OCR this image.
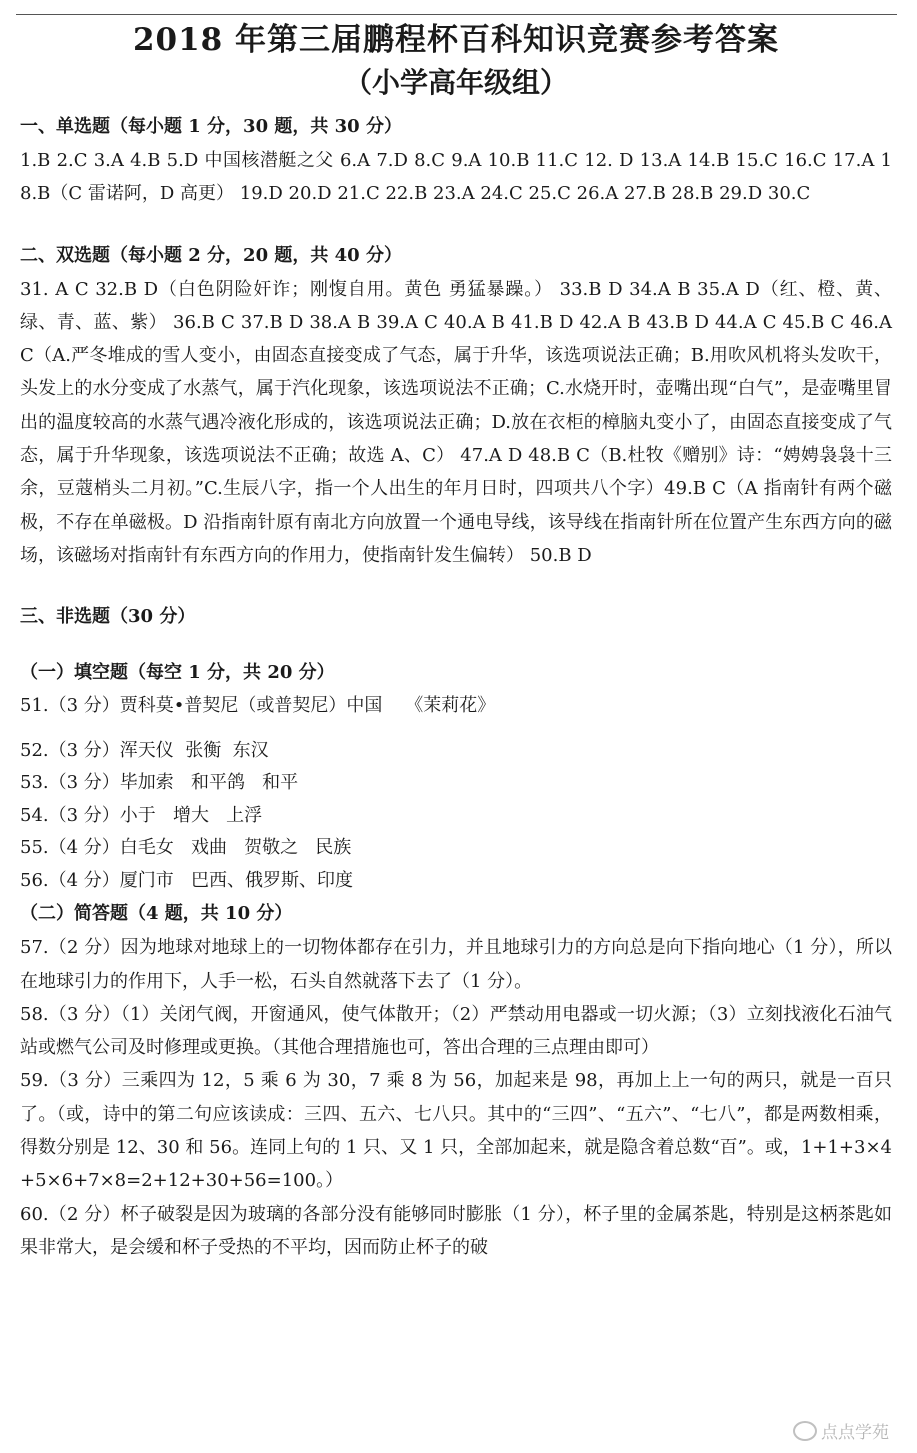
2018 年第三届鹏程杯百科知识竞赛参考答案
（小学高年级组）

一、单选题（每小题 1 分，30 题，共 30 分）

1.B 2.C 3.A 4.B 5.D 中国核潜艇之父 6.A 7.D 8.C 9.A 10.B 11.C 12. D 13.A 14.B 15.C 16.C 17.A 18.B（C 雷诺阿，D 高更） 19.D 20.D 21.C 22.B 23.A 24.C 25.C 26.A 27.B 28.B 29.D 30.C

二、双选题（每小题 2 分，20 题，共 40 分）

31. A C 32.B D（白色阴险奸诈；刚愎自用。黄色 勇猛暴躁。） 33.B D 34.A B 35.A D（红、橙、黄、绿、青、蓝、紫） 36.B C 37.B D 38.A B 39.A C 40.A B 41.B D 42.A B 43.B D 44.A C 45.B C 46.A C（A.严冬堆成的雪人变小，由固态直接变成了气态，属于升华，该选项说法正确；B.用吹风机将头发吹干，头发上的水分变成了水蒸气，属于汽化现象，该选项说法不正确；C.水烧开时，壶嘴出现“白气”，是壶嘴里冒出的温度较高的水蒸气遇冷液化形成的，该选项说法正确；D.放在衣柜的樟脑丸变小了，由固态直接变成了气态，属于升华现象，该选项说法不正确；故选 A、C） 47.A D 48.B C（B.杜牧《赠别》诗：“娉娉袅袅十三余，豆蔻梢头二月初。”C.生辰八字，指一个人出生的年月日时，四项共八个字）49.B C（A 指南针有两个磁极，不存在单磁极。D 沿指南针原有南北方向放置一个通电导线，该导线在指南针所在位置产生东西方向的磁场，该磁场对指南针有东西方向的作用力，使指南针发生偏转） 50.B D

三、非选题（30 分）

（一）填空题（每空 1 分，共 20 分）

51.（3 分）贾科莫•普契尼（或普契尼）中国    《茉莉花》

52.（3 分）浑天仪  张衡  东汉

53.（3 分）毕加索   和平鸽   和平

54.（3 分）小于   增大   上浮

55.（4 分）白毛女   戏曲   贺敬之   民族

56.（4 分）厦门市   巴西、俄罗斯、印度

（二）简答题（4 题，共 10 分）

57.（2 分）因为地球对地球上的一切物体都存在引力，并且地球引力的方向总是向下指向地心（1 分），所以在地球引力的作用下，人手一松，石头自然就落下去了（1 分）。

58.（3 分）（1）关闭气阀，开窗通风，使气体散开；（2）严禁动用电器或一切火源；（3）立刻找液化石油气站或燃气公司及时修理或更换。（其他合理措施也可，答出合理的三点理由即可）

59.（3 分）三乘四为 12，5 乘 6 为 30，7 乘 8 为 56，加起来是 98，再加上上一句的两只，就是一百只了。（或，诗中的第二句应该读成：三四、五六、七八只。其中的“三四”、“五六”、“七八”，都是两数相乘，得数分别是 12、30 和 56。连同上句的 1 只、又 1 只，全部加起来，就是隐含着总数“百”。或，1+1+3×4+5×6+7×8=2+12+30+56=100。）

60.（2 分）杯子破裂是因为玻璃的各部分没有能够同时膨胀（1 分），杯子里的金属茶匙，特别是这柄茶匙如果非常大，是会缓和杯子受热的不平均，因而防止杯子的破

点点学苑
